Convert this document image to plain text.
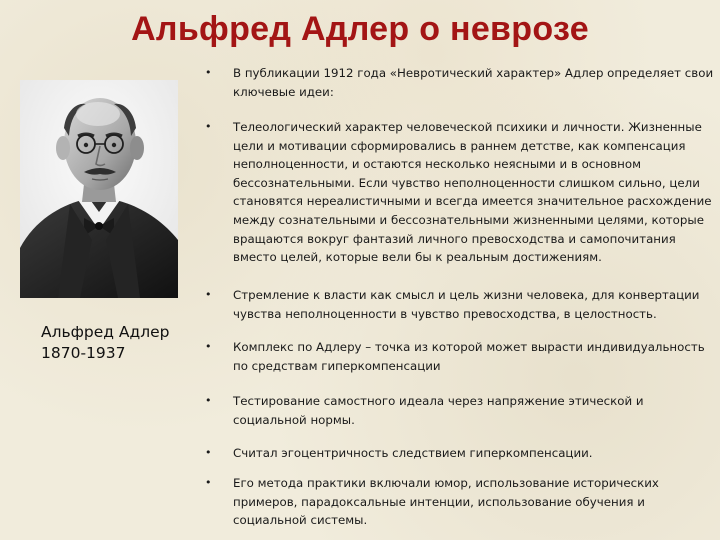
Альфред Адлер о неврозе
Альфред Адлер
1870-1937
• В публикации 1912 года «Невротический характер» Адлер определяет свои ключевые идеи:
• Телеологический характер человеческой психики и личности. Жизненные цели и мотивации сформировались в раннем детстве, как компенсация неполноценности, и остаются несколько неясными и в основном бессознательными. Если чувство неполноценности слишком сильно, цели становятся нереалистичными и всегда имеется значительное расхождение между сознательными и бессознательными жизненными целями, которые вращаются вокруг фантазий личного превосходства и самопочитания вместо целей, которые вели бы к реальным достижениям.
• Стремление к власти как смысл и цель жизни человека, для конвертации чувства неполноценности в чувство превосходства, в целостность.
• Комплекс по Адлеру – точка из которой может вырасти индивидуальность по средствам гиперкомпенсации
• Тестирование самостного идеала через напряжение этической и социальной нормы.
• Считал эгоцентричность следствием гиперкомпенсации.
• Его метода практики включали юмор, использование исторических примеров, парадоксальные интенции, использование обучения и социальной системы.
